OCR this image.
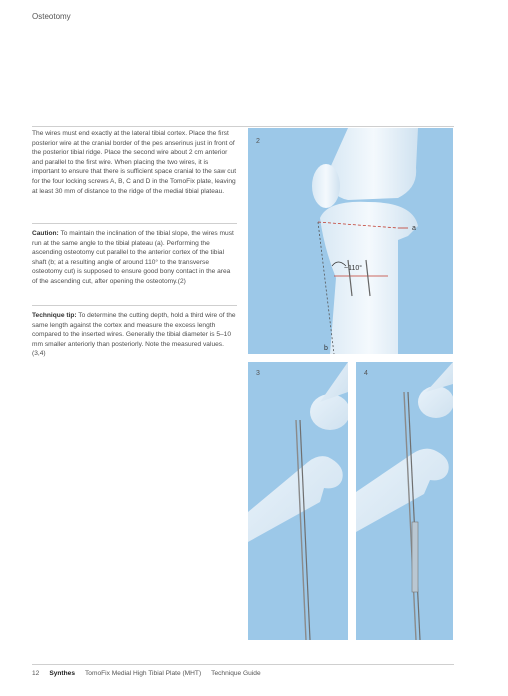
Osteotomy

The wires must end exactly at the lateral tibial cortex. Place the first posterior wire at the cranial border of the pes anserinus just in front of the posterior tibial ridge. Place the second wire about 2 cm anterior and parallel to the first wire. When placing the two wires, it is important to ensure that there is sufficient space cranial to the saw cut for the four locking screws A, B, C and D in the TomoFix plate, leaving at least 30 mm of distance to the ridge of the medial tibial plateau.

Caution: To maintain the inclination of the tibial slope, the wires must run at the same angle to the tibial plateau (a). Performing the ascending osteotomy cut parallel to the anterior cortex of the tibial shaft (b; at a resulting angle of around 110° to the transverse osteotomy cut) is supposed to ensure good bony contact in the area of the ascending cut, after opening the osteotomy.(2)

Technique tip: To determine the cutting depth, hold a third wire of the same length against the cortex and measure the excess length compared to the inserted wires. Generally the tibial diameter is 5–10 mm smaller anteriorly than posteriorly. Note the measured values.(3,4)

~110°
a
b
2
3	4
12 Synthes TomoFix Medial High Tibial Plate (MHT) Technique Guide
